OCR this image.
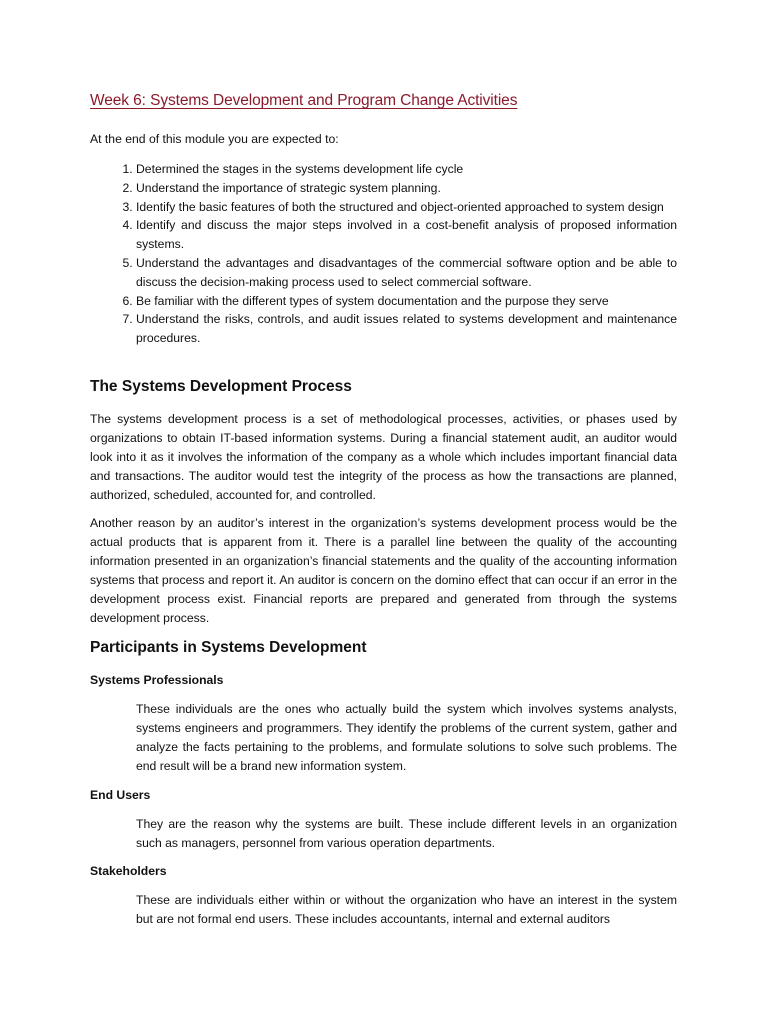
Week 6: Systems Development and Program Change Activities
At the end of this module you are expected to:
1. Determined the stages in the systems development life cycle
2. Understand the importance of strategic system planning.
3. Identify the basic features of both the structured and object-oriented approached to system design
4. Identify and discuss the major steps involved in a cost-benefit analysis of proposed information systems.
5. Understand the advantages and disadvantages of the commercial software option and be able to discuss the decision-making process used to select commercial software.
6. Be familiar with the different types of system documentation and the purpose they serve
7. Understand the risks, controls, and audit issues related to systems development and maintenance procedures.
The Systems Development Process

The systems development process is a set of methodological processes, activities, or phases used by organizations to obtain IT-based information systems. During a financial statement audit, an auditor would look into it as it involves the information of the company as a whole which includes important financial data and transactions. The auditor would test the integrity of the process as how the transactions are planned, authorized, scheduled, accounted for, and controlled.

Another reason by an auditor’s interest in the organization’s systems development process would be the actual products that is apparent from it. There is a parallel line between the quality of the accounting information presented in an organization’s financial statements and the quality of the accounting information systems that process and report it. An auditor is concern on the domino effect that can occur if an error in the development process exist. Financial reports are prepared and generated from through the systems development process.

Participants in Systems Development
Systems Professionals

These individuals are the ones who actually build the system which involves systems analysts, systems engineers and programmers. They identify the problems of the current system, gather and analyze the facts pertaining to the problems, and formulate solutions to solve such problems. The end result will be a brand new information system.

End Users

They are the reason why the systems are built. These include different levels in an organization such as managers, personnel from various operation departments.

Stakeholders

These are individuals either within or without the organization who have an interest in the system but are not formal end users. These includes accountants, internal and external auditors
